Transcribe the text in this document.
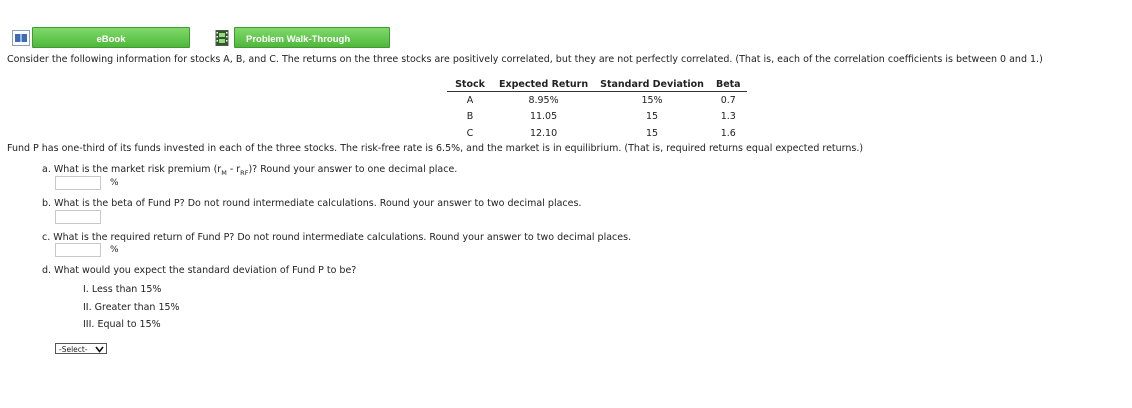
eBook	Problem Walk-Through
Consider the following information for stocks A, B, and C. The returns on the three stocks are positively correlated, but they are not perfectly correlated. (That is, each of the correlation coefficients is between 0 and 1.)
Stock	Expected Return	Standard Deviation	Beta
A	8.95%	15%	0.7
B	11.05	15	1.3
C	12.10	15	1.6
Fund P has one-third of its funds invested in each of the three stocks. The risk-free rate is 6.5%, and the market is in equilibrium. (That is, required returns equal expected returns.)
a. What is the market risk premium $(r_M - r_{RF})$? Round your answer to one decimal place.
%
b. What is the beta of Fund P? Do not round intermediate calculations. Round your answer to two decimal places.
c. What is the required return of Fund P? Do not round intermediate calculations. Round your answer to two decimal places.
%
d. What would you expect the standard deviation of Fund P to be?
I. Less than 15%
II. Greater than 15%
III. Equal to 15%
-Select-
